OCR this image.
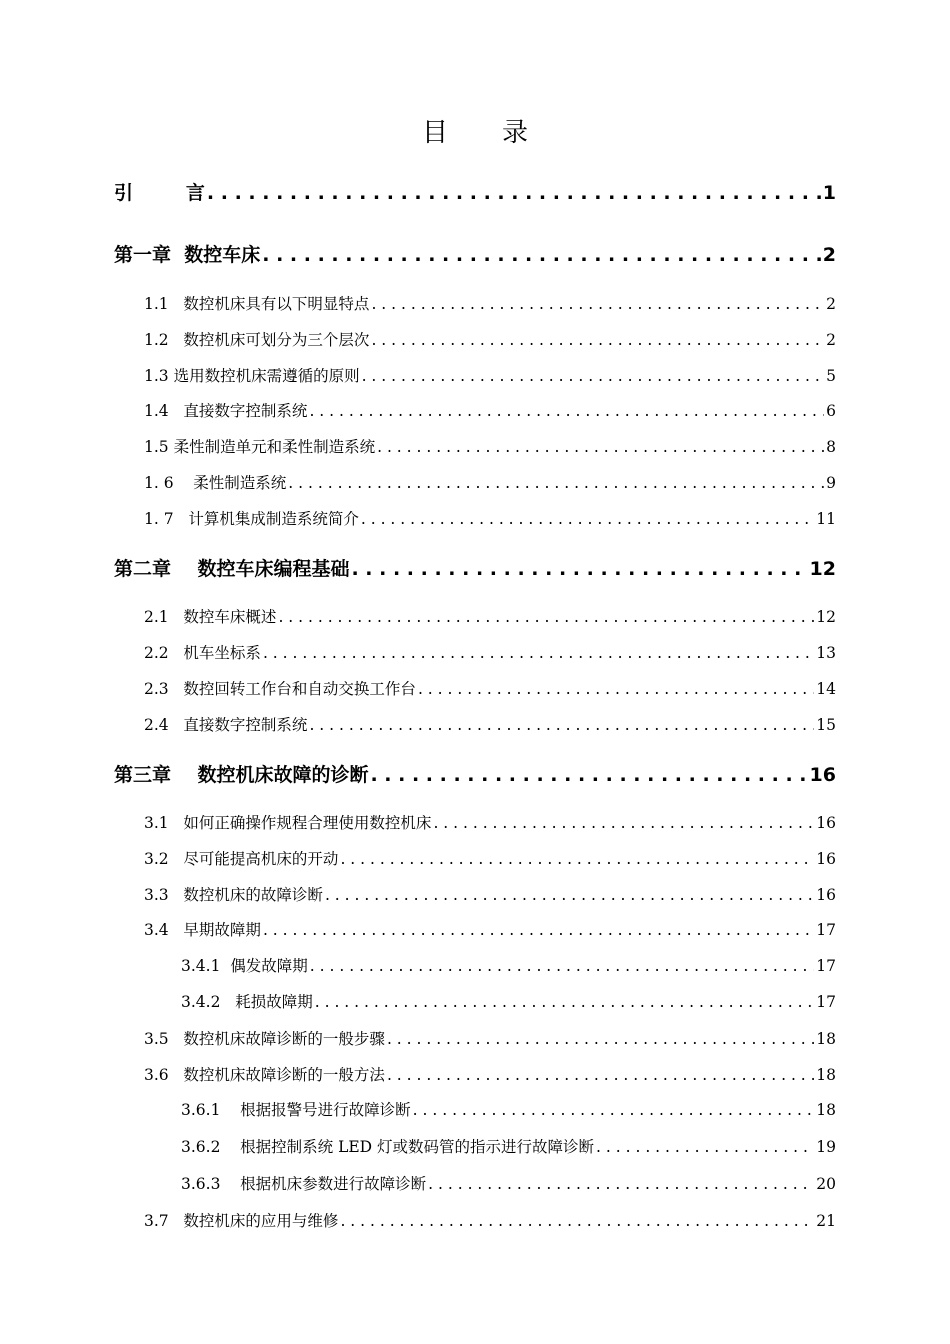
目 录
引        言 . . .	1
第一章  数控车床 . . .	2
1.1   数控机床具有以下明显特点 . . .	2
1.2   数控机床可划分为三个层次 . . .	2
1.3 选用数控机床需遵循的原则 . . .	5
1.4   直接数字控制系统 . . .	6
1.5 柔性制造单元和柔性制造系统 . . .	8
1. 6    柔性制造系统 . . .	9
1. 7   计算机集成制造系统简介 . . .	11
第二章    数控车床编程基础 . . .	12
2.1   数控车床概述 . . .	12
2.2   机车坐标系 . . .	13
2.3   数控回转工作台和自动交换工作台 . . .	14
2.4   直接数字控制系统 . . .	15
第三章    数控机床故障的诊断 . . .	16
3.1   如何正确操作规程合理使用数控机床 . . .	16
3.2   尽可能提高机床的开动 . . .	16
3.3   数控机床的故障诊断 . . .	16
3.4   早期故障期 . . .	17
3.4.1  偶发故障期 . . .	17
3.4.2   耗损故障期 . . .	17
3.5   数控机床故障诊断的一般步骤 . . .	18
3.6   数控机床故障诊断的一般方法 . . .	18
3.6.1    根据报警号进行故障诊断 . . .	18
3.6.2    根据控制系统 LED 灯或数码管的指示进行故障诊断 . . .	19
3.6.3    根据机床参数进行故障诊断 . . .	20
3.7   数控机床的应用与维修 . . .	21
